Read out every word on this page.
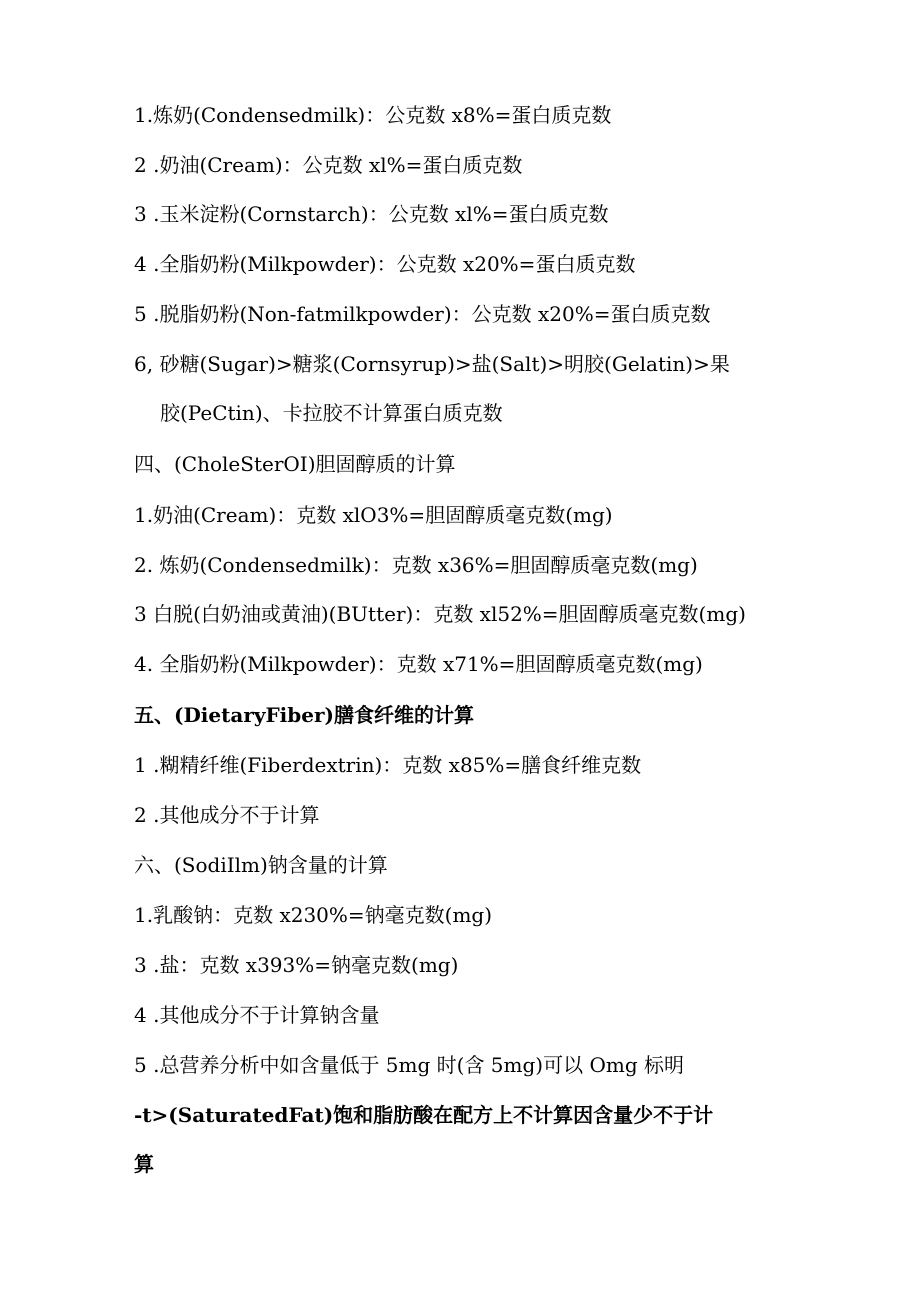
1.炼奶(Condensedmilk)：公克数 x8%=蛋白质克数
2 .奶油(Cream)：公克数 xl%=蛋白质克数
3 .玉米淀粉(Cornstarch)：公克数 xl%=蛋白质克数
4 .全脂奶粉(Milkpowder)：公克数 x20%=蛋白质克数
5 .脱脂奶粉(Non-fatmilkpowder)：公克数 x20%=蛋白质克数
6, 砂糖(Sugar)>糖浆(Cornsyrup)>盐(Salt)>明胶(Gelatin)>果
胶(PeCtin)、卡拉胶不计算蛋白质克数
四、(CholeSterOI)胆固醇质的计算
1.奶油(Cream)：克数 xlO3%=胆固醇质毫克数(mg)
2. 炼奶(Condensedmilk)：克数 x36%=胆固醇质毫克数(mg)
3 白脱(白奶油或黄油)(BUtter)：克数 xl52%=胆固醇质毫克数(mg)
4. 全脂奶粉(Milkpowder)：克数 x71%=胆固醇质毫克数(mg)
五、(DietaryFiber)膳食纤维的计算
1 .糊精纤维(Fiberdextrin)：克数 x85%=膳食纤维克数
2 .其他成分不于计算
六、(SodiIlm)钠含量的计算
1.乳酸钠：克数 x230%=钠毫克数(mg)
3 .盐：克数 x393%=钠毫克数(mg)
4 .其他成分不于计算钠含量
5 .总营养分析中如含量低于 5mg 时(含 5mg)可以 Omg 标明
-t>(SaturatedFat)饱和脂肪酸在配方上不计算因含量少不于计
算
